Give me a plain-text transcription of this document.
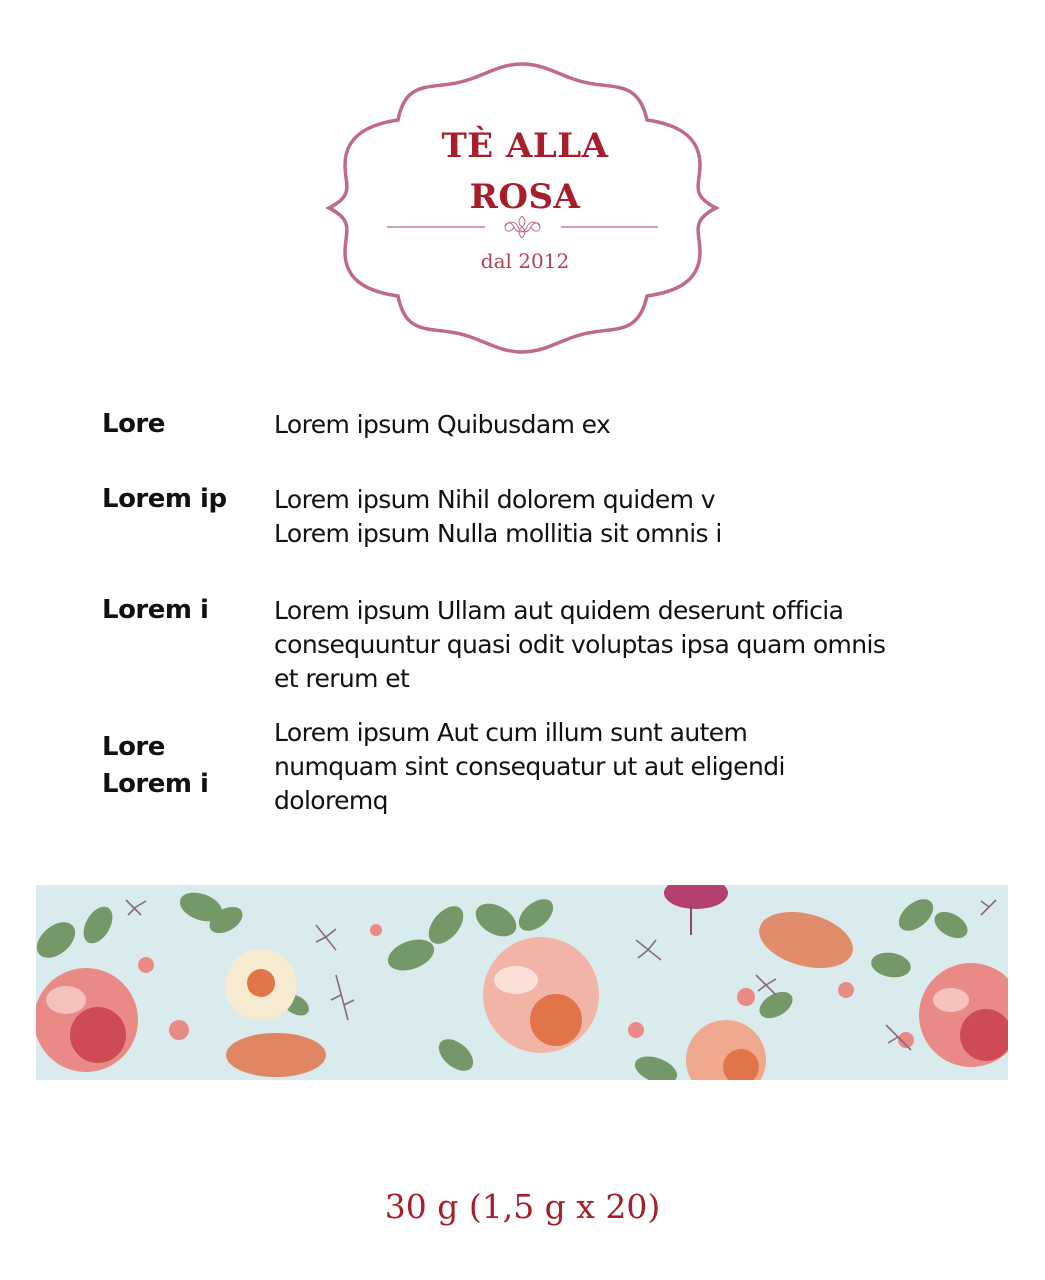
TÈ ALLA
ROSA
dal 2012
Lore	Lorem ipsum Quibusdam ex
Lorem ip Lorem ipsum Nihil dolorem quidem v
Lorem ipsum Nulla mollitia sit omnis i
Lorem i	Lorem ipsum Ullam aut quidem deserunt officia
consequuntur quasi odit voluptas ipsa quam omnis
et rerum et
Lore
Lorem i
Lorem ipsum Aut cum illum sunt autem
numquam sint consequatur ut aut eligendi
doloremq
30 g (1,5 g x 20)
